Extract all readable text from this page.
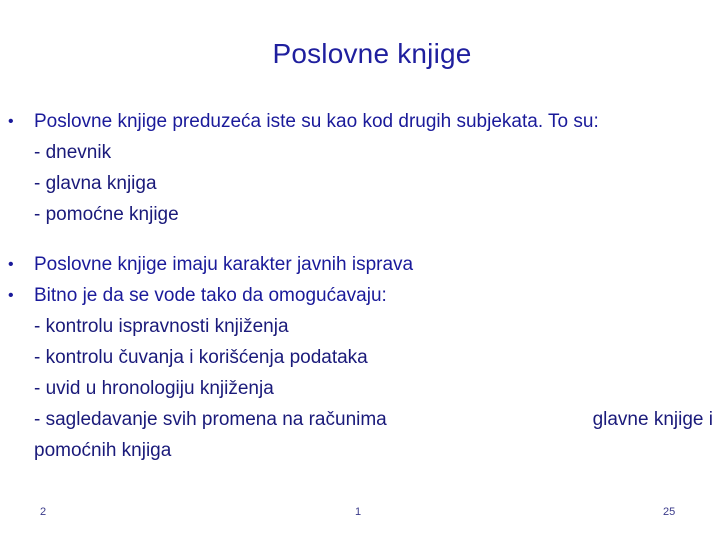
Poslovne knjige
• Poslovne knjige preduzeća iste su kao kod drugih subjekata. To su:
- dnevnik
- glavna knjiga
- pomoćne knjige
• Poslovne knjige imaju karakter javnih isprava
• Bitno je da se vode tako da omogućavaju:
- kontrolu ispravnosti knjiženja
- kontrolu čuvanja i korišćenja podataka
- uvid u hronologiju knjiženja
- sagledavanje svih promena na računima	glavne knjige i
pomoćnih knjiga
2	1	25
